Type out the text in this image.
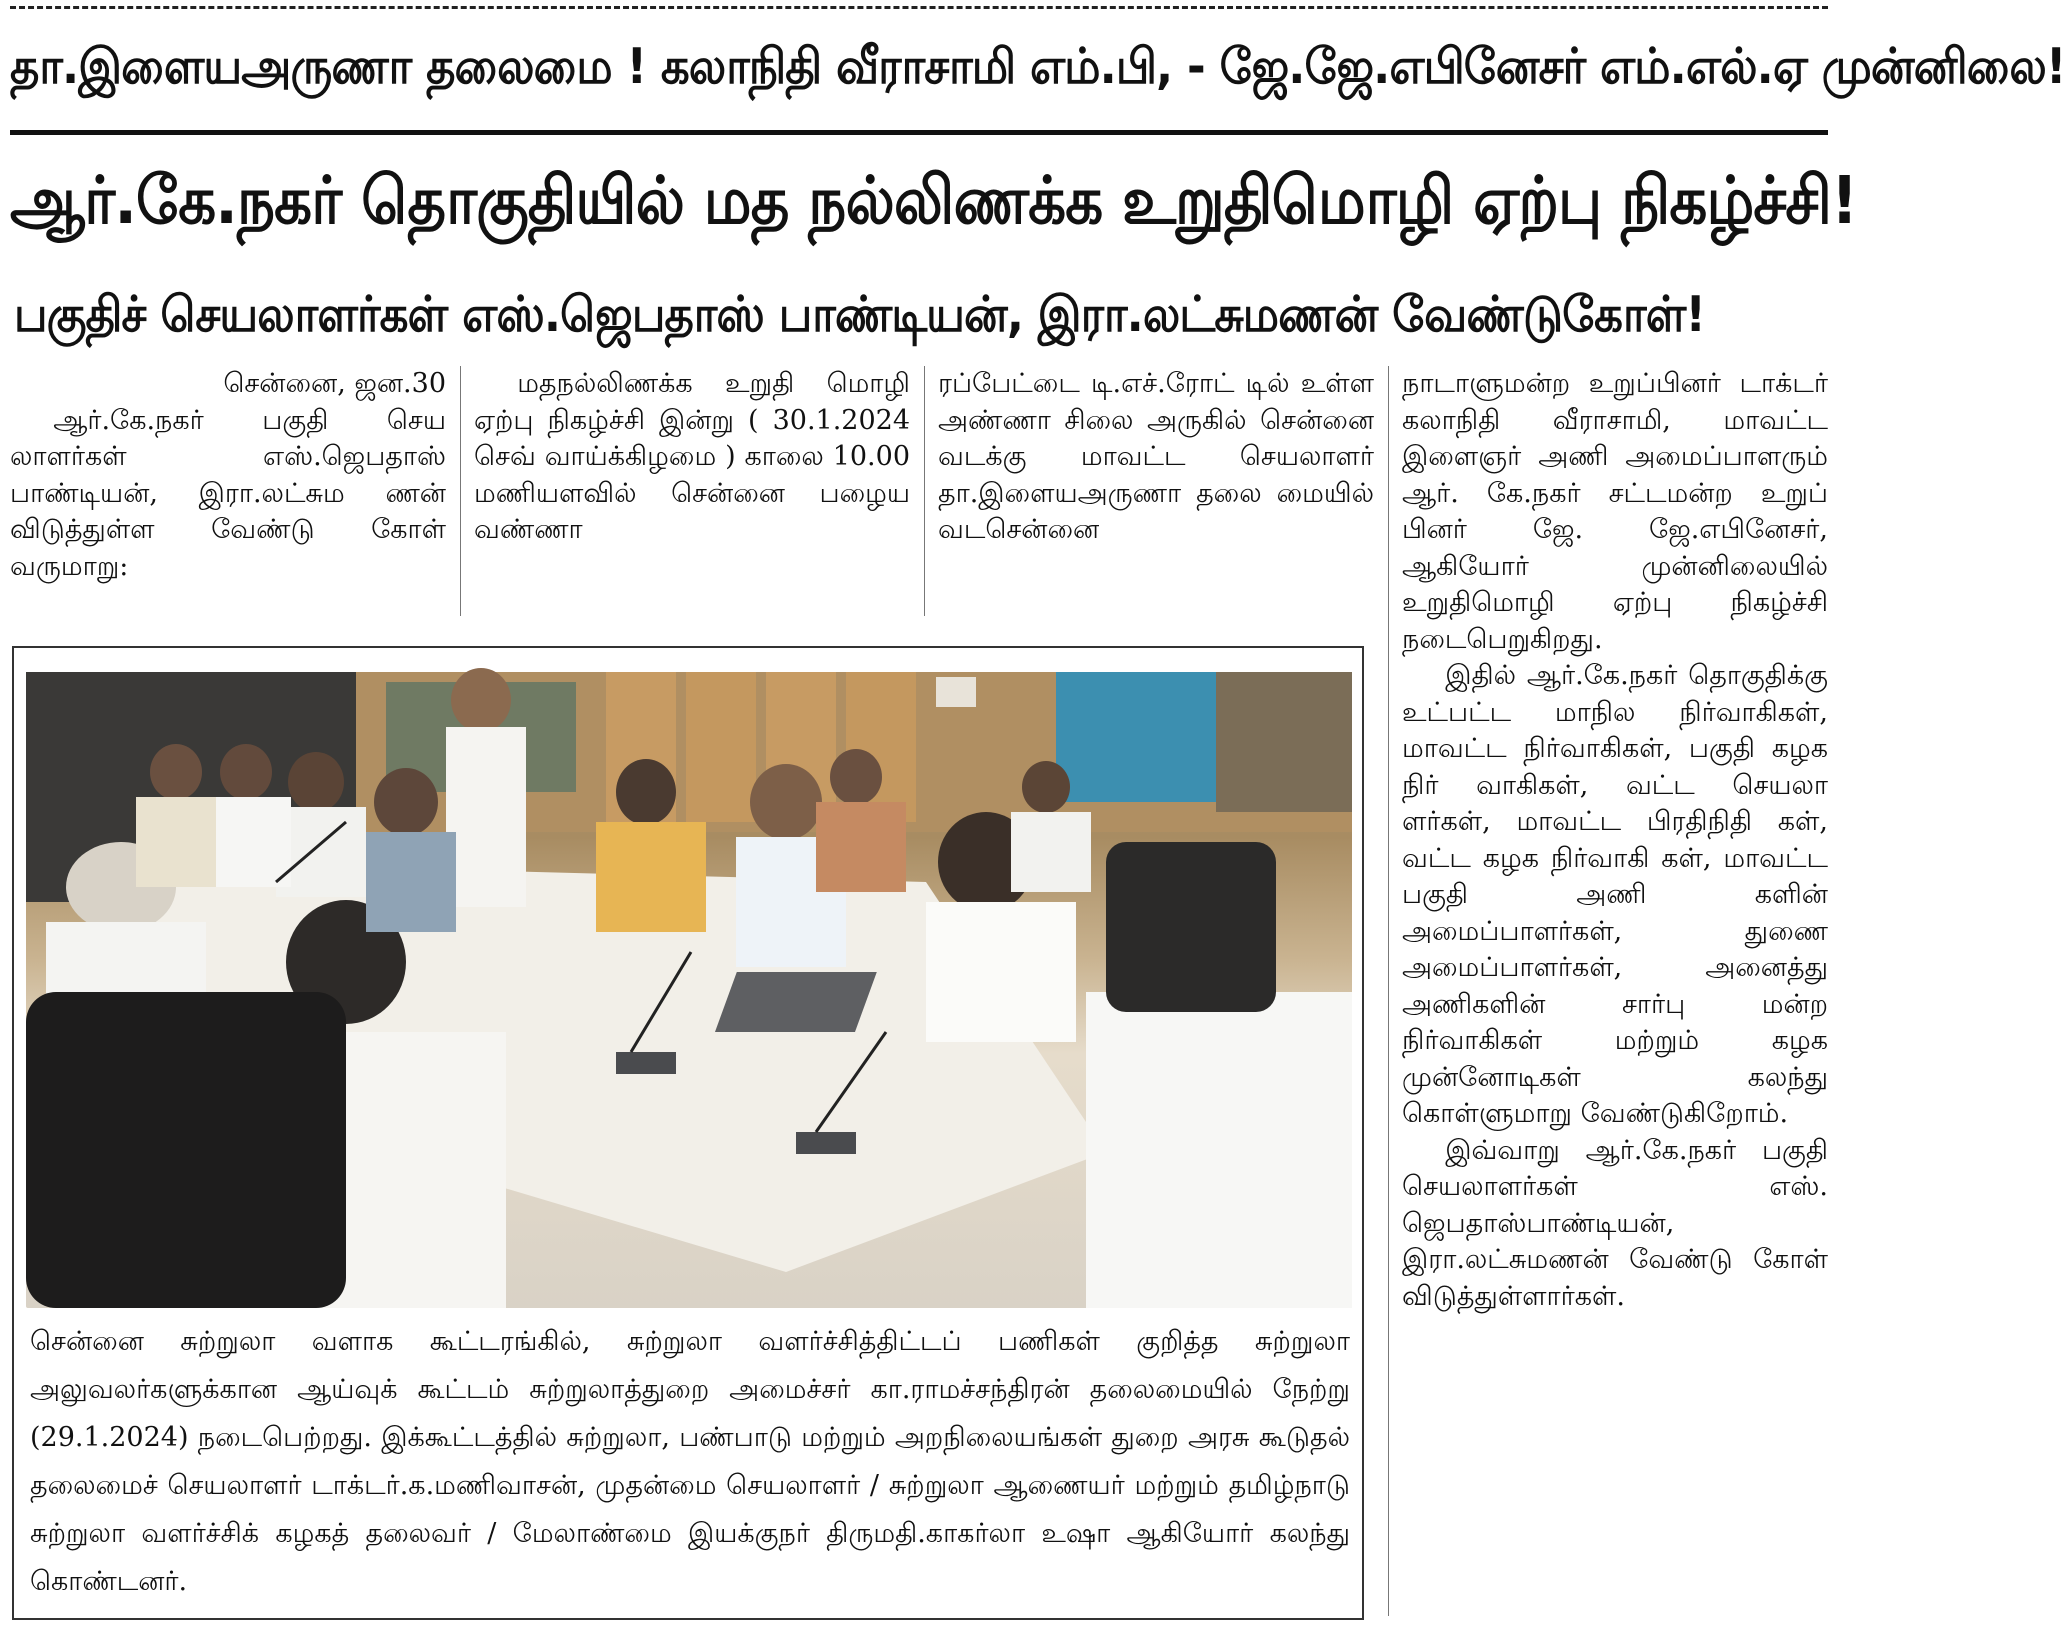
தா.இளையஅருணா தலைமை ! கலாநிதி வீராசாமி எம்.பி, - ஜே.ஜே.எபினேசர் எம்.எல்.ஏ முன்னிலை!
ஆர்.கே.நகர் தொகுதியில் மத நல்லிணக்க உறுதிமொழி ஏற்பு நிகழ்ச்சி!
பகுதிச் செயலாளர்கள் எஸ்.ஜெபதாஸ் பாண்டியன், இரா.லட்சுமணன் வேண்டுகோள்!

சென்னை, ஜன.30

ஆர்.கே.நகர் பகுதி செய லாளர்கள் எஸ்.ஜெபதாஸ் பாண்டியன், இரா.லட்சும ணன் விடுத்துள்ள வேண்டு கோள் வருமாறு:

மதநல்லிணக்க உறுதி மொழி ஏற்பு நிகழ்ச்சி இன்று ( 30.1.2024 செவ் வாய்க்கிழமை ) காலை 10.00 மணியளவில் சென்னை பழைய வண்ணா

ரப்பேட்டை டி.எச்.ரோட் டில் உள்ள அண்ணா சிலை அருகில் சென்னை வடக்கு மாவட்ட செயலாளர் தா.இளையஅருணா தலை மையில் வடசென்னை

நாடாளுமன்ற உறுப்பினர் டாக்டர் கலாநிதி வீராசாமி, மாவட்ட இளைஞர் அணி அமைப்பாளரும் ஆர். கே.நகர் சட்டமன்ற உறுப் பினர் ஜே. ஜே.எபினேசர், ஆகியோர் முன்னிலையில் உறுதிமொழி ஏற்பு நிகழ்ச்சி நடைபெறுகிறது.

இதில் ஆர்.கே.நகர் தொகுதிக்கு உட்பட்ட மாநில நிர்வாகிகள், மாவட்ட நிர்வாகிகள், பகுதி கழக நிர் வாகிகள், வட்ட செயலா ளர்கள், மாவட்ட பிரதிநிதி கள், வட்ட கழக நிர்வாகி கள், மாவட்ட பகுதி அணி களின் அமைப்பாளர்கள், துணை அமைப்பாளர்கள், அனைத்து அணிகளின் சார்பு மன்ற நிர்வாகிகள் மற்றும் கழக முன்னோடிகள் கலந்து கொள்ளுமாறு வேண்டுகிறோம்.

இவ்வாறு ஆர்.கே.நகர் பகுதி செயலாளர்கள் எஸ். ஜெபதாஸ்பாண்டியன், இரா.லட்சுமணன் வேண்டு கோள் விடுத்துள்ளார்கள்.

சென்னை சுற்றுலா வளாக கூட்டரங்கில், சுற்றுலா வளர்ச்சித்திட்டப் பணிகள் குறித்த சுற்றுலா அலுவலர்களுக்கான ஆய்வுக் கூட்டம் சுற்றுலாத்துறை அமைச்சர் கா.ராமச்சந்திரன் தலைமையில் நேற்று (29.1.2024) நடைபெற்றது. இக்கூட்டத்தில் சுற்றுலா, பண்பாடு மற்றும் அறநிலையங்கள் துறை அரசு கூடுதல் தலைமைச் செயலாளர் டாக்டர்.க.மணிவாசன், முதன்மை செயலாளர் / சுற்றுலா ஆணையர் மற்றும் தமிழ்நாடு சுற்றுலா வளர்ச்சிக் கழகத் தலைவர் / மேலாண்மை இயக்குநர் திருமதி.காகர்லா உஷா ஆகியோர் கலந்து கொண்டனர்.
